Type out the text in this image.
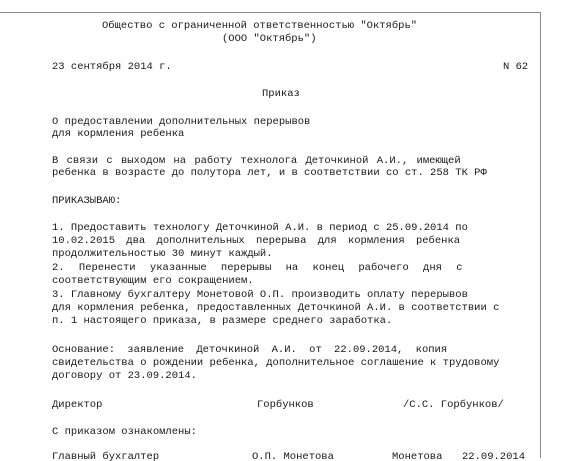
Общество с ограниченной ответственностью "Октябрь"
(ООО "Октябрь")
23 сентября 2014 г.	N 62
Приказ
О предоставлении дополнительных перерывов
для кормления ребенка
В связи с выходом на работу технолога Деточкиной А.И., имеющей
ребенка в возрасте до полутора лет, и в соответствии со ст. 258 ТК РФ
ПРИКАЗЫВАЮ:
1. Предоставить технологу Деточкиной А.И. в период с 25.09.2014 по
10.02.2015 два дополнительных перерыва для кормления ребенка
продолжительностью 30 минут каждый.
2. Перенести указанные перерывы на конец рабочего дня с
соответствующим его сокращением.
3. Главному бухгалтеру Монетовой О.П. производить оплату перерывов
для кормления ребенка, предоставленных Деточкиной А.И. в соответствии с
п. 1 настоящего приказа, в размере среднего заработка.
Основание: заявление Деточкиной А.И. от 22.09.2014, копия
свидетельства о рождении ребенка, дополнительное соглашение к трудовому
договору от 23.09.2014.
Директор	Горбунков	/С.С. Горбунков/
С приказом ознакомлены:
Главный бухгалтер	О.П. Монетова	Монетова 22.09.2014
